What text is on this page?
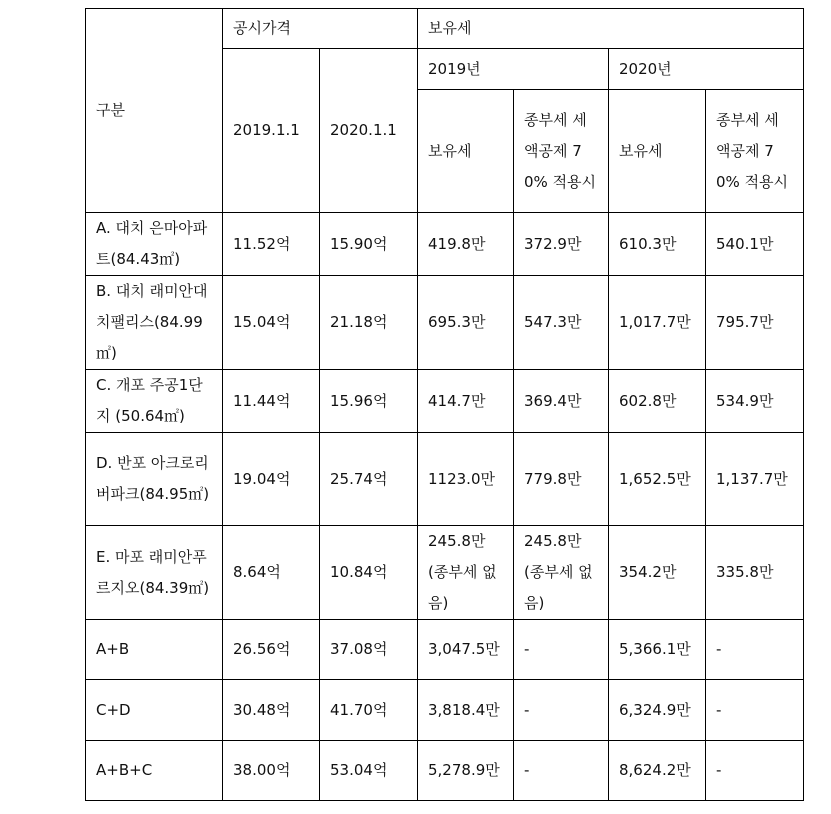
구분	공시가격		보유세			
	2019.1.1	2020.1.1	2019년		2020년	
			보유세	종부세 세액공제 70% 적용시	보유세	종부세 세액공제 70% 적용시
A. 대치 은마아파트(84.43㎡)	11.52억	15.90억	419.8만	372.9만	610.3만	540.1만
B. 대치 래미안대치팰리스(84.99㎡)	15.04억	21.18억	695.3만	547.3만	1,017.7만	795.7만
C. 개포 주공1단지 (50.64㎡)	11.44억	15.96억	414.7만	369.4만	602.8만	534.9만
D. 반포 아크로리버파크(84.95㎡)	19.04억	25.74억	1123.0만	779.8만	1,652.5만	1,137.7만
E. 마포 래미안푸르지오(84.39㎡)	8.64억	10.84억	245.8만(종부세 없음)	245.8만(종부세 없음)	354.2만	335.8만
A+B	26.56억	37.08억	3,047.5만	-	5,366.1만	-
C+D	30.48억	41.70억	3,818.4만	-	6,324.9만	-
A+B+C	38.00억	53.04억	5,278.9만	-	8,624.2만	-
